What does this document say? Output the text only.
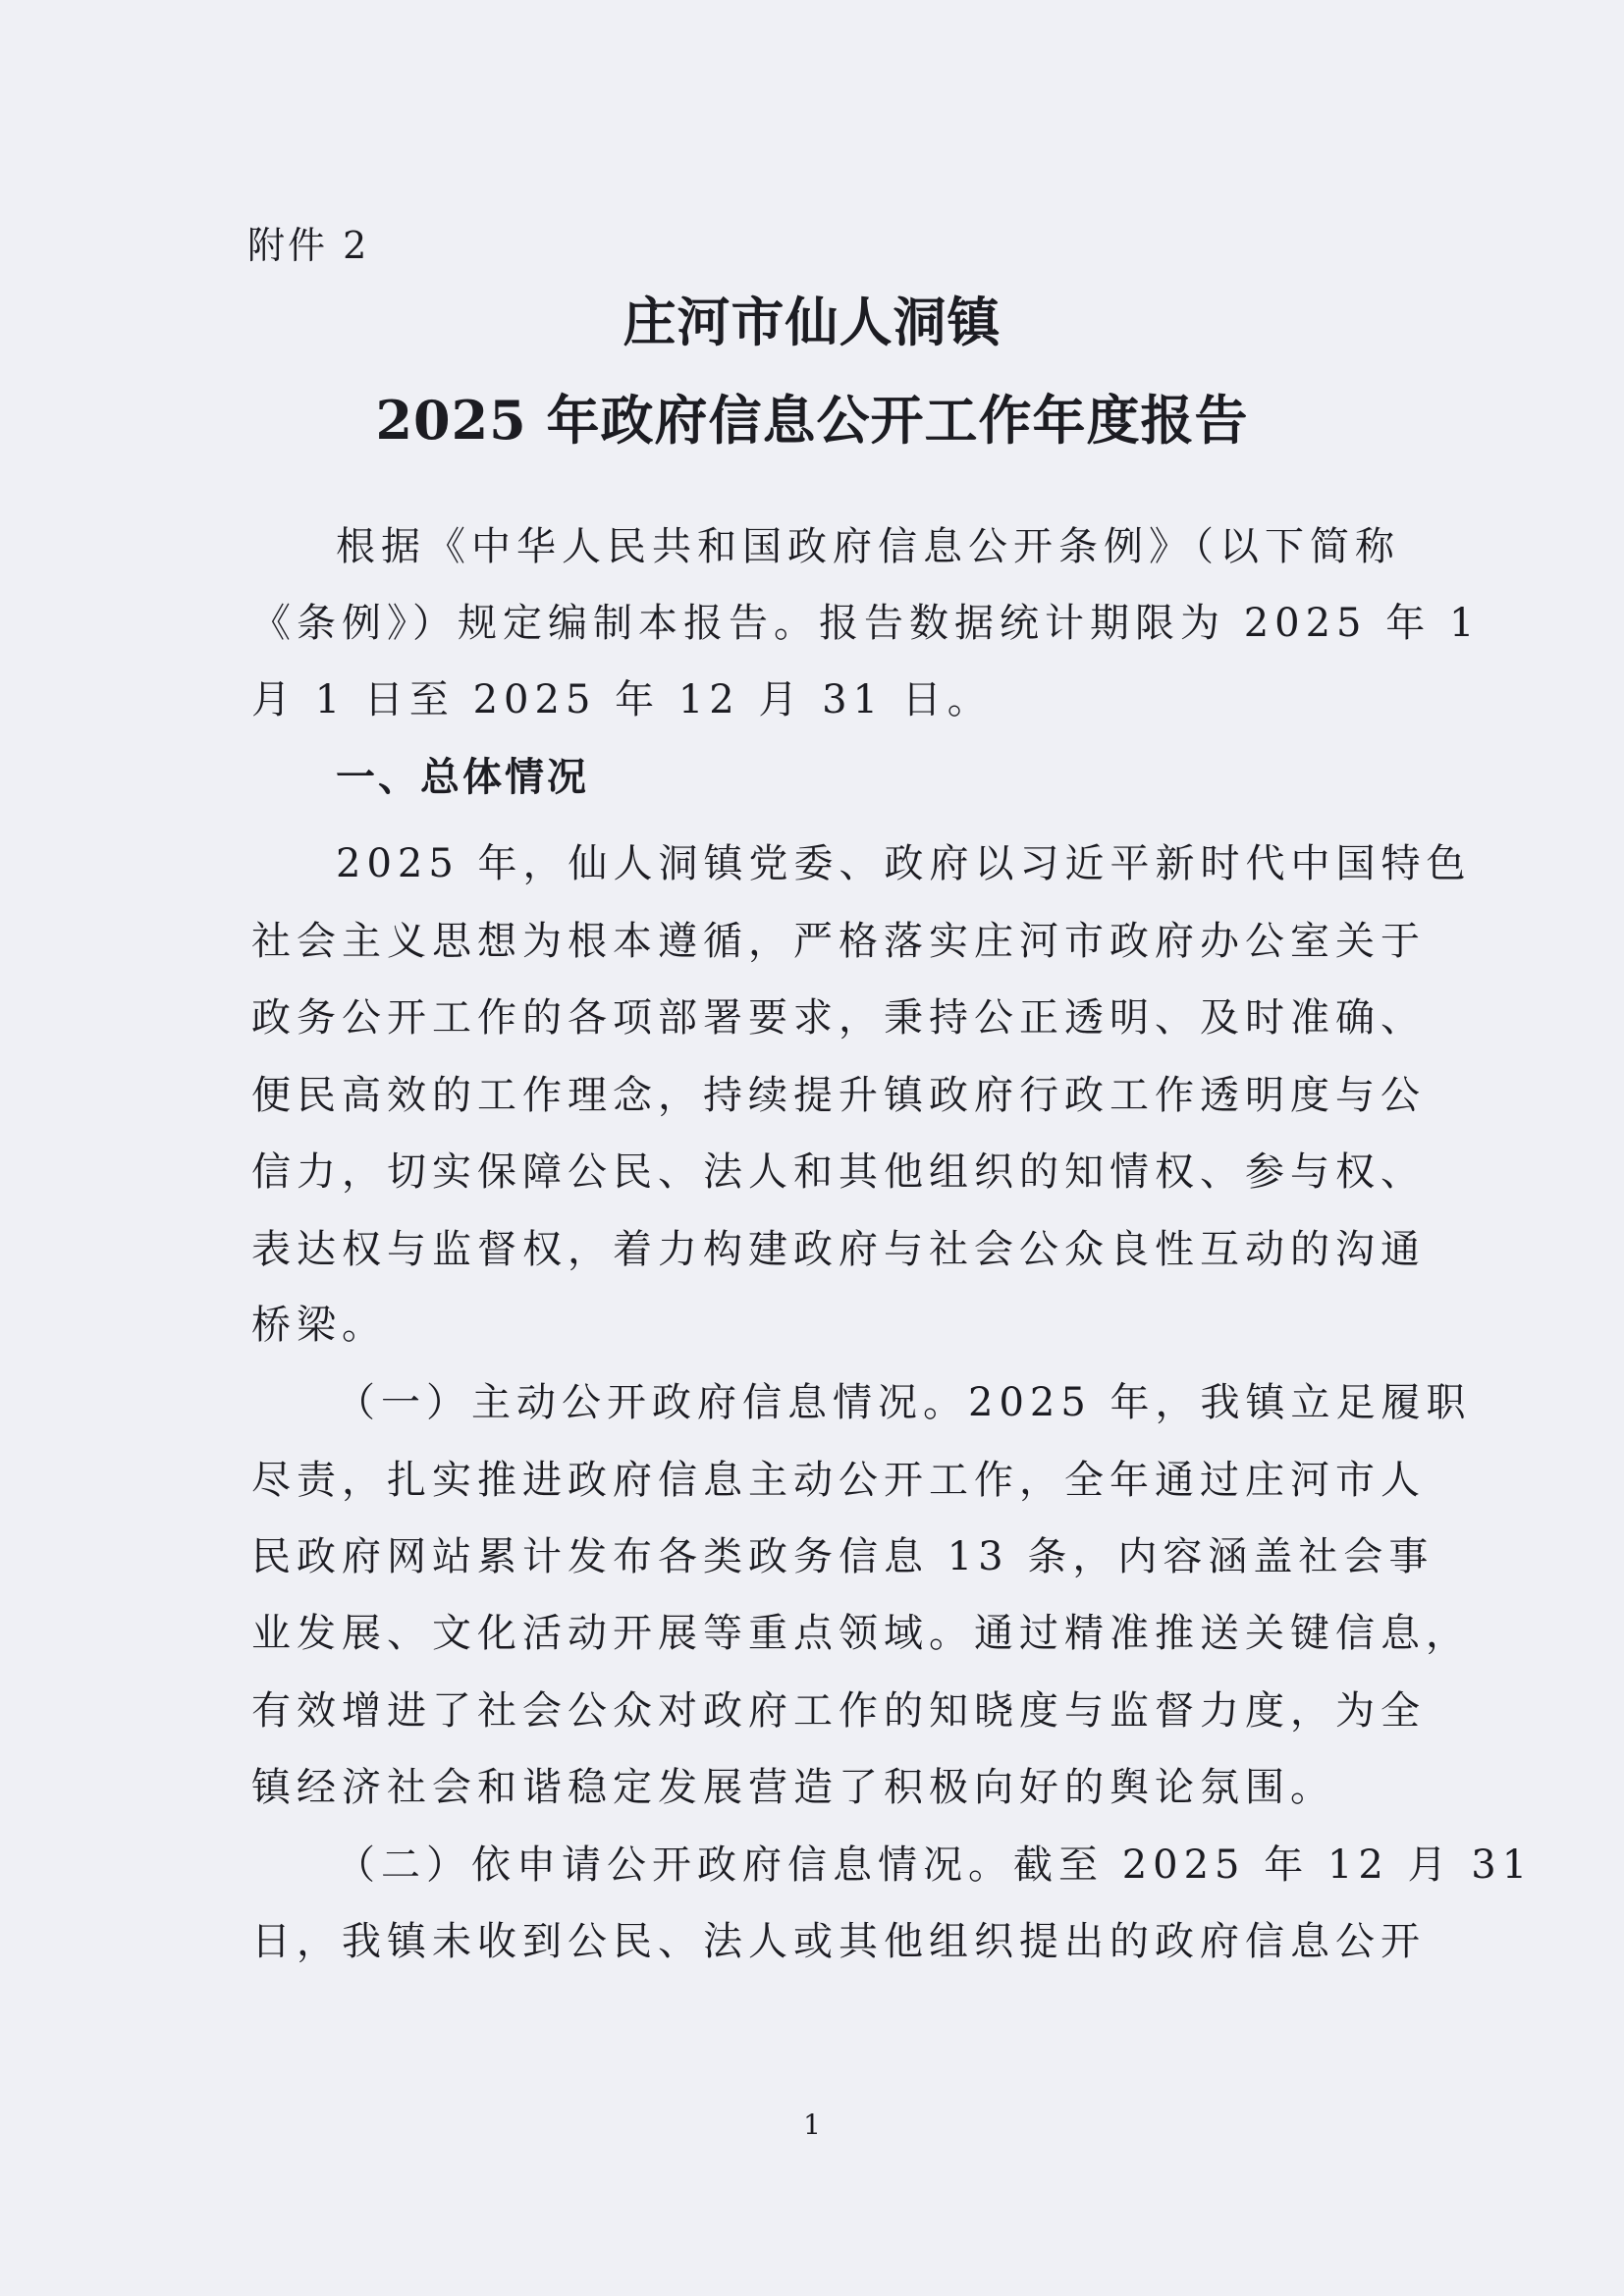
附件 2
庄河市仙人洞镇
2025 年政府信息公开工作年度报告
根据《中华人民共和国政府信息公开条例》（以下简称
《条例》）规定编制本报告。报告数据统计期限为 2025 年 1
月 1 日至 2025 年 12 月 31 日。
一、总体情况
2025 年，仙人洞镇党委、政府以习近平新时代中国特色
社会主义思想为根本遵循，严格落实庄河市政府办公室关于
政务公开工作的各项部署要求，秉持公正透明、及时准确、
便民高效的工作理念，持续提升镇政府行政工作透明度与公
信力，切实保障公民、法人和其他组织的知情权、参与权、
表达权与监督权，着力构建政府与社会公众良性互动的沟通
桥梁。
（一）主动公开政府信息情况。2025 年，我镇立足履职
尽责，扎实推进政府信息主动公开工作，全年通过庄河市人
民政府网站累计发布各类政务信息 13 条，内容涵盖社会事
业发展、文化活动开展等重点领域。通过精准推送关键信息，
有效增进了社会公众对政府工作的知晓度与监督力度，为全
镇经济社会和谐稳定发展营造了积极向好的舆论氛围。
（二）依申请公开政府信息情况。截至 2025 年 12 月 31
日，我镇未收到公民、法人或其他组织提出的政府信息公开
1
